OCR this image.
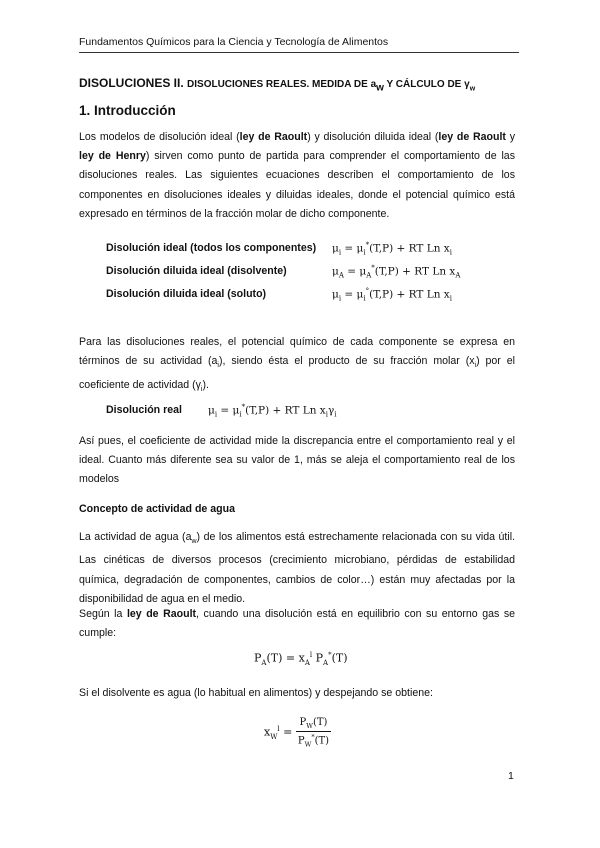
Fundamentos Químicos para la Ciencia y Tecnología de Alimentos
DISOLUCIONES II. DISOLUCIONES REALES. MEDIDA DE $a_w$ Y CÁLCULO DE $\gamma_w$
1. Introducción
Los modelos de disolución ideal (ley de Raoult) y disolución diluida ideal (ley de Raoult y ley de Henry) sirven como punto de partida para comprender el comportamiento de las disoluciones reales. Las siguientes ecuaciones describen el comportamiento de los componentes en disoluciones ideales y diluidas ideales, donde el potencial químico está expresado en términos de la fracción molar de dicho componente.
Disolución ideal (todos los componentes) $\mu_i = \mu_i^*(T,P)$ + RT Ln $x_i$
Disolución diluida ideal (disolvente)	$\mu_A = \mu_A^*(T,P)$ + RT Ln $x_A$
Disolución diluida ideal (soluto)	$\mu_i = \mu_i^\circ(T,P)$ + RT Ln $x_i$
Para las disoluciones reales, el potencial químico de cada componente se expresa en términos de su actividad $(a_i)$, siendo ésta el producto de su fracción molar $(x_i)$ por el coeficiente de actividad $(\gamma_i)$.
Disolución real $\mu_i = \mu_i^*(T,P)$ + RT Ln $x_i\gamma_i$
Así pues, el coeficiente de actividad mide la discrepancia entre el comportamiento real y el ideal. Cuanto más diferente sea su valor de 1, más se aleja el comportamiento real de los modelos
Concepto de actividad de agua
La actividad de agua $(a_w)$ de los alimentos está estrechamente relacionada con su vida útil. Las cinéticas de diversos procesos (crecimiento microbiano, pérdidas de estabilidad química, degradación de componentes, cambios de color…) están muy afectadas por la disponibilidad de agua en el medio.
Según la ley de Raoult, cuando una disolución está en equilibrio con su entorno gas se cumple:
$P_A(T) = x_A^l$ $P_A^*(T)$
Si el disolvente es agua (lo habitual en alimentos) y despejando se obtiene:
$x_W^l = \frac{P_W(T)}{P_W^*(T)}$
1
